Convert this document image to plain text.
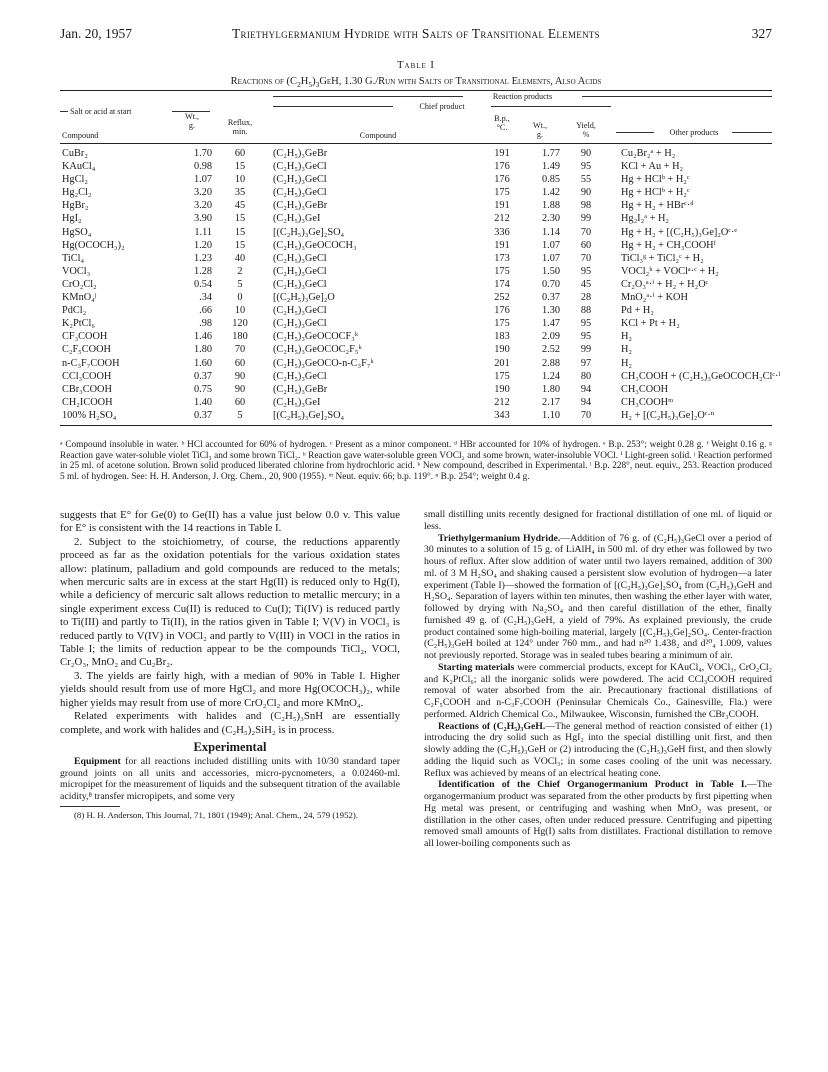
Jan. 20, 1957	Triethylgermanium Hydride with Salts of Transitional Elements	327
Table I
Reactions of $(C_2H_5)_3GeH$, 1.30 G./Run with Salts of Transitional Elements, Also Acids
Reaction products
Salt or acid at start
Chief product
Wt.,
g.	Reflux,
min.
Compound	Compound
B.p.,
°C.	Wt.,
g.
Yield,
%	Other products
CuBr₂	1.70	60	(C₂H₅)₃GeBr	191	1.77	90	Cu₂Br₂ᵃ + H₂
KAuCl₄	0.98	15	(C₂H₅)₃GeCl	176	1.49	95	KCl + Au + H₂
HgCl₂	1.07	10	(C₂H₅)₃GeCl	176	0.85	55	Hg + HClᵇ + H₂ᶜ
Hg₂Cl₂	3.20	35	(C₂H₅)₃GeCl	175	1.42	90	Hg + HClᵇ + H₂ᶜ
HgBr₂	3.20	45	(C₂H₅)₃GeBr	191	1.88	98	Hg + H₂ + HBrᶜ·ᵈ
HgI₂	3.90	15	(C₂H₅)₃GeI	212	2.30	99	Hg₂I₂ᵃ + H₂
HgSO₄	1.11	15	[(C₂H₅)₃Ge]₂SO₄	336	1.14	70	Hg + H₂ + [(C₂H₅)₃Ge]₂Oᶜ·ᵉ
Hg(OCOCH₃)₂	1.20	15	(C₂H₅)₃GeOCOCH₃	191	1.07	60	Hg + H₂ + CH₃COOHᶠ
TiCl₄	1.23	40	(C₂H₅)₃GeCl	173	1.07	70	TiCl₃ᵍ + TiCl₂ᶜ + H₂
VOCl₃	1.28	2	(C₂H₅)₃GeCl	175	1.50	95	VOCl₂ʰ + VOClᵃ·ᶜ + H₂
CrO₂Cl₂	0.54	5	(C₂H₅)₃GeCl	174	0.70	45	Cr₂O₃ᵃ·ⁱ + H₂ + H₂Oᶜ
KMnO₄ʲ	.34	0	[(C₂H₅)₃Ge]₂O	252	0.37	28	MnO₂ᵃ·ⁱ + KOH
PdCl₂	.66	10	(C₂H₅)₃GeCl	176	1.30	88	Pd + H₂
K₂PtCl₆	.98	120	(C₂H₅)₃GeCl	175	1.47	95	KCl + Pt + H₂
CF₃COOH	1.46	180	(C₂H₅)₃GeOCOCF₃ᵏ	183	2.09	95	H₂
C₂F₅COOH	1.80	70	(C₂H₅)₃GeOCOC₂F₅ᵏ	190	2.52	99	H₂
n-C₃F₇COOH	1.60	60	(C₂H₅)₃GeOCO-n-C₃F₇ᵏ	201	2.88	97	H₂
CCl₃COOH	0.37	90	(C₂H₅)₃GeCl	175	1.24	80	CH₃COOH + (C₂H₅)₃GeOCOCH₂Clᶜ·ˡ
CBr₃COOH	0.75	90	(C₂H₅)₃GeBr	190	1.80	94	CH₃COOH
CH₂ICOOH	1.40	60	(C₂H₅)₃GeI	212	2.17	94	CH₃COOHᵐ
100% H₂SO₄	0.37	5	[(C₂H₅)₃Ge]₂SO₄	343	1.10	70	H₂ + [(C₂H₅)₃Ge]₂Oᶜ·ⁿ
ᵃ Compound insoluble in water. ᵇ HCl accounted for 60% of hydrogen. ᶜ Present as a minor component. ᵈ HBr accounted for 10% of hydrogen. ᵉ B.p. 253°; weight 0.28 g. ᶠ Weight 0.16 g. ᵍ Reaction gave water-soluble violet TiCl₃ and some brown TiCl₂. ʰ Reaction gave water-soluble green VOCl₂ and some brown, water-insoluble VOCl. ⁱ Light-green solid. ʲ Reaction performed in 25 ml. of acetone solution. Brown solid produced liberated chlorine from hydrochloric acid. ᵏ New compound, described in Experimental. ˡ B.p. 228°, neut. equiv., 253. Reaction produced 5 ml. of hydrogen. See: H. H. Anderson, J. Org. Chem., 20, 900 (1955). ᵐ Neut. equiv. 66; b.p. 119°. ⁿ B.p. 254°; weight 0.4 g.

suggests that E° for Ge(0) to Ge(II) has a value just below 0.0 v. This value for E° is consistent with the 14 reactions in Table I.

2. Subject to the stoichiometry, of course, the reductions apparently proceed as far as the oxidation potentials for the various oxidation states allow: platinum, palladium and gold compounds are reduced to the metals; when mercuric salts are in excess at the start Hg(II) is reduced only to Hg(I), while a deficiency of mercuric salt allows reduction to metallic mercury; in a single experiment excess Cu(II) is reduced to Cu(I); Ti(IV) is reduced partly to Ti(III) and partly to Ti(II), in the ratios given in Table I; V(V) in VOCl₃ is reduced partly to V(IV) in VOCl₂ and partly to V(III) in VOCl in the ratios in Table I; the limits of reduction appear to be the compounds TiCl₂, VOCl, Cr₂O₃, MnO₂ and Cu₂Br₂.

3. The yields are fairly high, with a median of 90% in Table I. Higher yields should result from use of more HgCl₂ and more Hg(OCOCH₃)₂, while higher yields may result from use of more CrO₂Cl₂ and more KMnO₄.

Related experiments with halides and (C₂H₅)₃SnH are essentially complete, and work with halides and (C₂H₅)₂SiH₂ is in process.

Experimental

Equipment for all reactions included distilling units with 10/30 standard taper ground joints on all units and accessories, micro-pycnometers, a 0.02460-ml. micropipet for the measurement of liquids and the subsequent titration of the available acidity,⁸ transfer micropipets, and some very

(8) H. H. Anderson, This Journal, 71, 1801 (1949); Anal. Chem., 24, 579 (1952).

small distilling units recently designed for fractional distillation of one ml. of liquid or less.

Triethylgermanium Hydride.—Addition of 76 g. of (C₂H₅)₃GeCl over a period of 30 minutes to a solution of 15 g. of LiAlH₄ in 500 ml. of dry ether was followed by two hours of reflux. After slow addition of water until two layers remained, addition of 300 ml. of 3 M H₂SO₄ and shaking caused a persistent slow evolution of hydrogen—a later experiment (Table I)—showed the formation of [(C₂H₅)₃Ge]₂SO₄ from (C₂H₅)₃GeH and H₂SO₄. Separation of layers within ten minutes, then washing the ether layer with water, followed by drying with Na₂SO₄ and then careful distillation of the ether, finally furnished 49 g. of (C₂H₅)₃GeH, a yield of 79%. As explained previously, the crude product contained some high-boiling material, largely [(C₂H₅)₃Ge]₂SO₄. Center-fraction (C₂H₅)₃GeH boiled at 124° under 760 mm., and had n²⁰ 1.438₂ and d²⁰₄ 1.009, values not previously reported. Storage was in sealed tubes bearing a minimum of air.

Starting materials were commercial products, except for KAuCl₄, VOCl₃, CrO₂Cl₂ and K₂PtCl₆; all the inorganic solids were powdered. The acid CCl₃COOH required removal of water absorbed from the air. Precautionary fractional distillations of C₂F₅COOH and n-C₃F₇COOH (Peninsular Chemicals Co., Gainesville, Fla.) were performed. Aldrich Chemical Co., Milwaukee, Wisconsin, furnished the CBr₃COOH.

Reactions of (C₂H₅)₃GeH.—The general method of reaction consisted of either (1) introducing the dry solid such as HgI₂ into the special distilling unit first, and then slowly adding the (C₂H₅)₃GeH or (2) introducing the (C₂H₅)₃GeH first, and then slowly adding the liquid such as VOCl₃; in some cases cooling of the unit was necessary. Reflux was achieved by means of an electrical heating cone.

Identification of the Chief Organogermanium Product in Table I.—The organogermanium product was separated from the other products by first pipetting when Hg metal was present, or centrifuging and washing when MnO₂ was present, or distillation in the other cases, often under reduced pressure. Centrifuging and pipetting removed small amounts of Hg(I) salts from distillates. Fractional distillation to remove all lower-boiling components such as
